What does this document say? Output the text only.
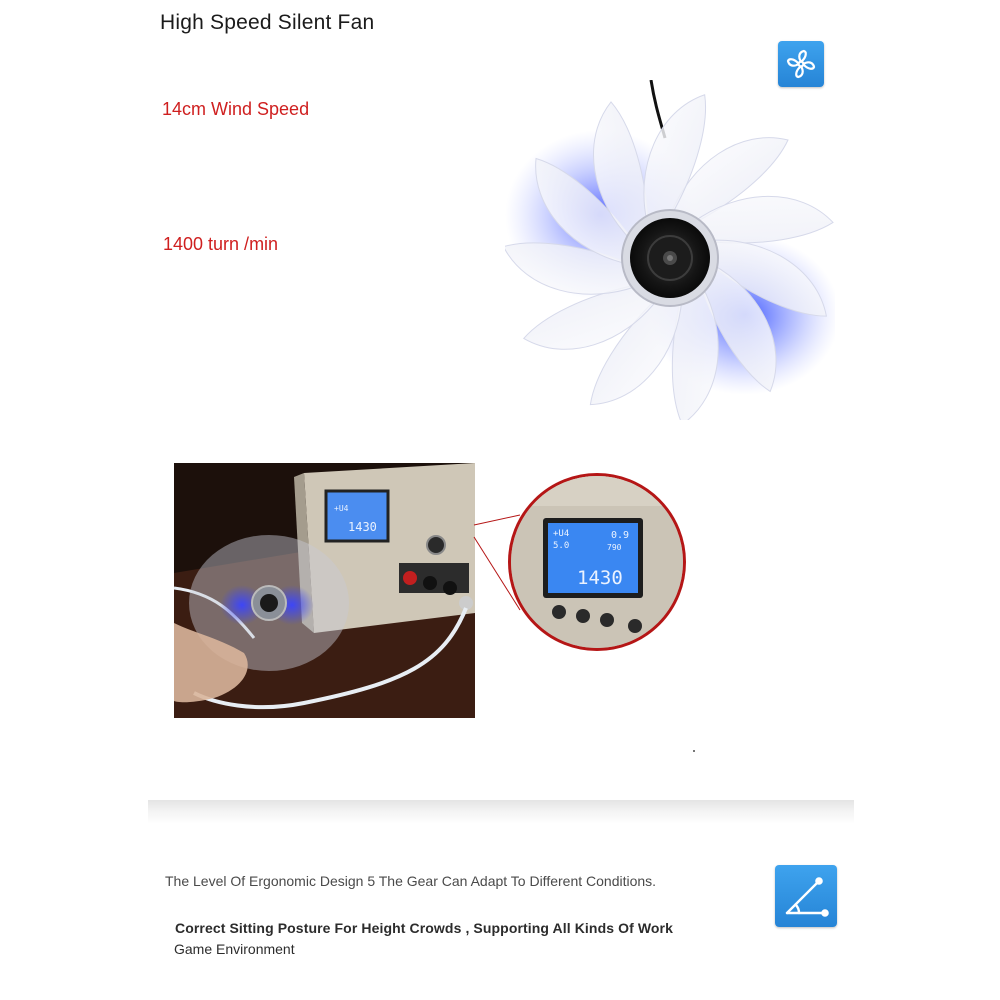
High Speed Silent Fan
14cm Wind Speed
1400 turn /min
+U4
1430	+U4
5.0
0.9
790
1430
The Level Of Ergonomic Design 5 The Gear Can Adapt To Different Conditions.
Correct Sitting Posture For Height Crowds , Supporting All Kinds Of Work
Game Environment
